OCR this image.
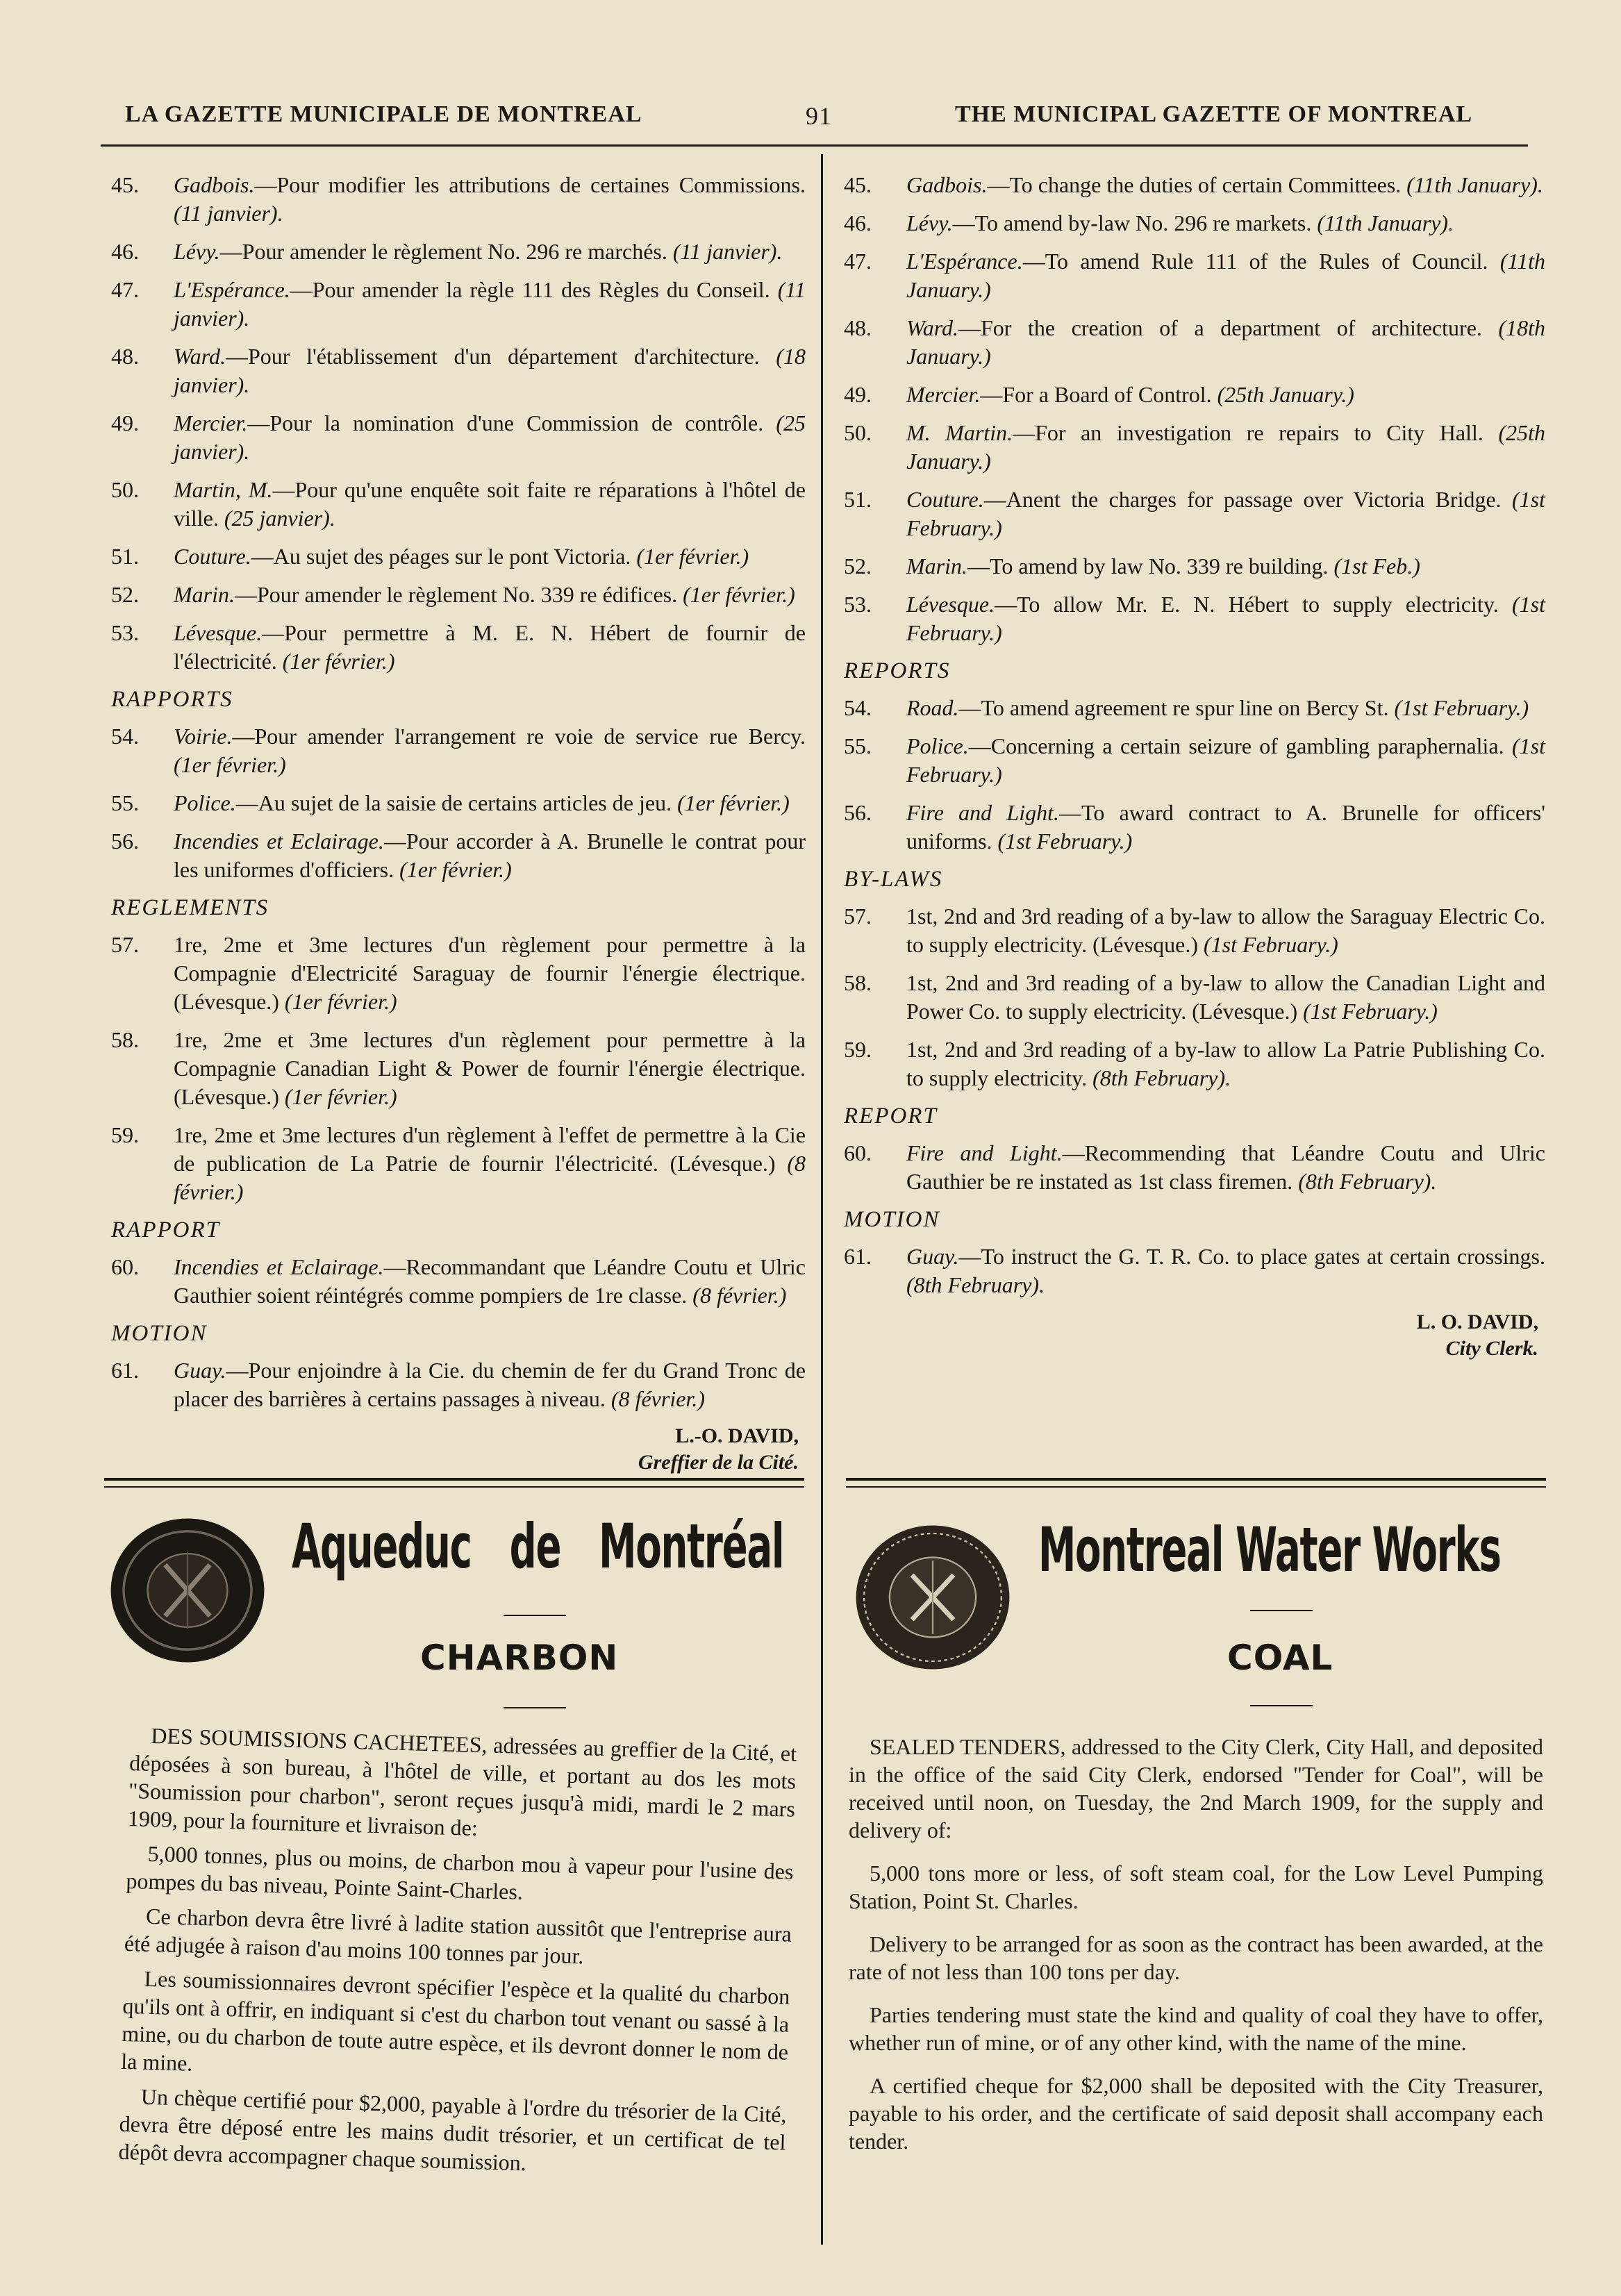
LA GAZETTE MUNICIPALE DE MONTREAL	91	THE MUNICIPAL GAZETTE OF MONTREAL
45.	Gadbois.—Pour modifier les attributions de certaines Commissions. (11 janvier).
46.	Lévy.—Pour amender le règlement No. 296 re marchés. (11 janvier).
47.	L'Espérance.—Pour amender la règle 111 des Règles du Conseil. (11 janvier).
48.	Ward.—Pour l'établissement d'un département d'architecture. (18 janvier).
49.	Mercier.—Pour la nomination d'une Commission de contrôle. (25 janvier).
50.	Martin, M.—Pour qu'une enquête soit faite re réparations à l'hôtel de ville. (25 janvier).
51.	Couture.—Au sujet des péages sur le pont Victoria. (1er février.)
52.	Marin.—Pour amender le règlement No. 339 re édifices. (1er février.)
53.	Lévesque.—Pour permettre à M. E. N. Hébert de fournir de l'électricité. (1er février.)
RAPPORTS
54.	Voirie.—Pour amender l'arrangement re voie de service rue Bercy. (1er février.)
55.	Police.—Au sujet de la saisie de certains articles de jeu. (1er février.)
56.	Incendies et Eclairage.—Pour accorder à A. Brunelle le contrat pour les uniformes d'officiers. (1er février.)
REGLEMENTS
57.	1re, 2me et 3me lectures d'un règlement pour permettre à la Compagnie d'Electricité Saraguay de fournir l'énergie électrique. (Lévesque.) (1er février.)
58.	1re, 2me et 3me lectures d'un règlement pour permettre à la Compagnie Canadian Light & Power de fournir l'énergie électrique. (Lévesque.) (1er février.)
59.	1re, 2me et 3me lectures d'un règlement à l'effet de permettre à la Cie de publication de La Patrie de fournir l'électricité. (Lévesque.) (8 février.)
RAPPORT
60.	Incendies et Eclairage.—Recommandant que Léandre Coutu et Ulric Gauthier soient réintégrés comme pompiers de 1re classe. (8 février.)
MOTION
61.	Guay.—Pour enjoindre à la Cie. du chemin de fer du Grand Tronc de placer des barrières à certains passages à niveau. (8 février.)
L.-O. DAVID,
Greffier de la Cité.
45.	Gadbois.—To change the duties of certain Committees. (11th January).
46.	Lévy.—To amend by-law No. 296 re markets. (11th January).
47.	L'Espérance.—To amend Rule 111 of the Rules of Council. (11th January.)
48.	Ward.—For the creation of a department of architecture. (18th January.)
49.	Mercier.—For a Board of Control. (25th January.)
50.	M. Martin.—For an investigation re repairs to City Hall. (25th January.)
51.	Couture.—Anent the charges for passage over Victoria Bridge. (1st February.)
52.	Marin.—To amend by law No. 339 re building. (1st Feb.)
53.	Lévesque.—To allow Mr. E. N. Hébert to supply electricity. (1st February.)
REPORTS
54.	Road.—To amend agreement re spur line on Bercy St. (1st February.)
55.	Police.—Concerning a certain seizure of gambling paraphernalia. (1st February.)
56.	Fire and Light.—To award contract to A. Brunelle for officers' uniforms. (1st February.)
BY-LAWS
57.	1st, 2nd and 3rd reading of a by-law to allow the Saraguay Electric Co. to supply electricity. (Lévesque.) (1st February.)
58.	1st, 2nd and 3rd reading of a by-law to allow the Canadian Light and Power Co. to supply electricity. (Lévesque.) (1st February.)
59.	1st, 2nd and 3rd reading of a by-law to allow La Patrie Publishing Co. to supply electricity. (8th February).
REPORT
60.	Fire and Light.—Recommending that Léandre Coutu and Ulric Gauthier be re instated as 1st class firemen. (8th February).
MOTION
61.	Guay.—To instruct the G. T. R. Co. to place gates at certain crossings. (8th February).
L. O. DAVID,
City Clerk.
Aqueduc de Montréal	Montreal Water Works
CHARBON	COAL

DES SOUMISSIONS CACHETEES, adressées au greffier de la Cité, et déposées à son bureau, à l'hôtel de ville, et portant au dos les mots "Soumission pour charbon", seront reçues jusqu'à midi, mardi le 2 mars 1909, pour la fourniture et livraison de:

5,000 tonnes, plus ou moins, de charbon mou à vapeur pour l'usine des pompes du bas niveau, Pointe Saint-Charles.

Ce charbon devra être livré à ladite station aussitôt que l'entreprise aura été adjugée à raison d'au moins 100 tonnes par jour.

Les soumissionnaires devront spécifier l'espèce et la qualité du charbon qu'ils ont à offrir, en indiquant si c'est du charbon tout venant ou sassé à la mine, ou du charbon de toute autre espèce, et ils devront donner le nom de la mine.

Un chèque certifié pour $2,000, payable à l'ordre du trésorier de la Cité, devra être déposé entre les mains dudit trésorier, et un certificat de tel dépôt devra accompagner chaque soumission.

SEALED TENDERS, addressed to the City Clerk, City Hall, and deposited in the office of the said City Clerk, endorsed "Tender for Coal", will be received until noon, on Tuesday, the 2nd March 1909, for the supply and delivery of:

5,000 tons more or less, of soft steam coal, for the Low Level Pumping Station, Point St. Charles.

Delivery to be arranged for as soon as the contract has been awarded, at the rate of not less than 100 tons per day.

Parties tendering must state the kind and quality of coal they have to offer, whether run of mine, or of any other kind, with the name of the mine.

A certified cheque for $2,000 shall be deposited with the City Treasurer, payable to his order, and the certificate of said deposit shall accompany each tender.
